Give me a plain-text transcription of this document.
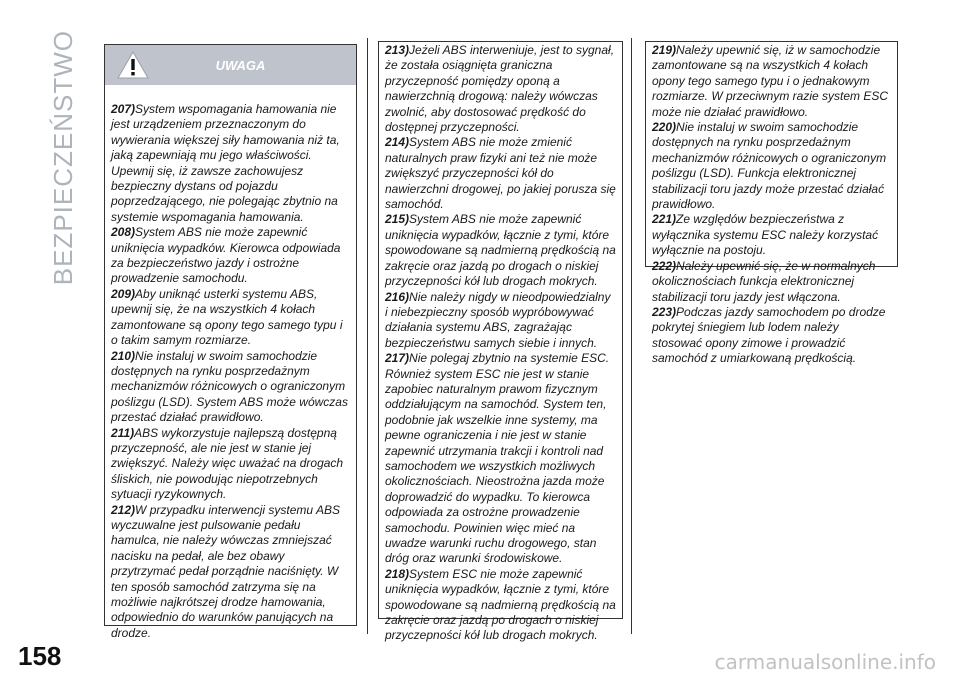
BEZPIECZEŃSTWO	UWAGA
207)System wspomagania hamowania nie jest urządzeniem przeznaczonym do wywierania większej siły hamowania niż ta, jaką zapewniają mu jego właściwości. Upewnij się, iż zawsze zachowujesz bezpieczny dystans od pojazdu poprzedzającego, nie polegając zbytnio na systemie wspomagania hamowania.
208)System ABS nie może zapewnić uniknięcia wypadków. Kierowca odpowiada za bezpieczeństwo jazdy i ostrożne prowadzenie samochodu.
209)Aby uniknąć usterki systemu ABS, upewnij się, że na wszystkich 4 kołach zamontowane są opony tego samego typu i o takim samym rozmiarze.
210)Nie instaluj w swoim samochodzie dostępnych na rynku posprzedażnym mechanizmów różnicowych o ograniczonym poślizgu (LSD). System ABS może wówczas przestać działać prawidłowo.
211)ABS wykorzystuje najlepszą dostępną przyczepność, ale nie jest w stanie jej zwiększyć. Należy więc uważać na drogach śliskich, nie powodując niepotrzebnych sytuacji ryzykownych.
212)W przypadku interwencji systemu ABS wyczuwalne jest pulsowanie pedału hamulca, nie należy wówczas zmniejszać nacisku na pedał, ale bez obawy przytrzymać pedał porządnie naciśnięty. W ten sposób samochód zatrzyma się na możliwie najkrótszej drodze hamowania, odpowiednio do warunków panujących na drodze.
213)Jeżeli ABS interweniuje, jest to sygnał, że została osiągnięta graniczna przyczepność pomiędzy oponą a nawierzchnią drogową: należy wówczas zwolnić, aby dostosować prędkość do dostępnej przyczepności.
214)System ABS nie może zmienić naturalnych praw fizyki ani też nie może zwiększyć przyczepności kół do nawierzchni drogowej, po jakiej porusza się samochód.
215)System ABS nie może zapewnić uniknięcia wypadków, łącznie z tymi, które spowodowane są nadmierną prędkością na zakręcie oraz jazdą po drogach o niskiej przyczepności kół lub drogach mokrych.
216)Nie należy nigdy w nieodpowiedzialny i niebezpieczny sposób wypróbowywać działania systemu ABS, zagrażając bezpieczeństwu samych siebie i innych.
217)Nie polegaj zbytnio na systemie ESC. Również system ESC nie jest w stanie zapobiec naturalnym prawom fizycznym oddziałującym na samochód. System ten, podobnie jak wszelkie inne systemy, ma pewne ograniczenia i nie jest w stanie zapewnić utrzymania trakcji i kontroli nad samochodem we wszystkich możliwych okolicznościach. Nieostrożna jazda może doprowadzić do wypadku. To kierowca odpowiada za ostrożne prowadzenie samochodu. Powinien więc mieć na uwadze warunki ruchu drogowego, stan dróg oraz warunki środowiskowe.
218)System ESC nie może zapewnić uniknięcia wypadków, łącznie z tymi, które spowodowane są nadmierną prędkością na zakręcie oraz jazdą po drogach o niskiej przyczepności kół lub drogach mokrych.
219)Należy upewnić się, iż w samochodzie zamontowane są na wszystkich 4 kołach opony tego samego typu i o jednakowym rozmiarze. W przeciwnym razie system ESC może nie działać prawidłowo.
220)Nie instaluj w swoim samochodzie dostępnych na rynku posprzedażnym mechanizmów różnicowych o ograniczonym poślizgu (LSD). Funkcja elektronicznej stabilizacji toru jazdy może przestać działać prawidłowo.
221)Ze względów bezpieczeństwa z wyłącznika systemu ESC należy korzystać wyłącznie na postoju.
222)Należy upewnić się, że w normalnych okolicznościach funkcja elektronicznej stabilizacji toru jazdy jest włączona.
223)Podczas jazdy samochodem po drodze pokrytej śniegiem lub lodem należy stosować opony zimowe i prowadzić samochód z umiarkowaną prędkością.
158	carmanualsonline.info
